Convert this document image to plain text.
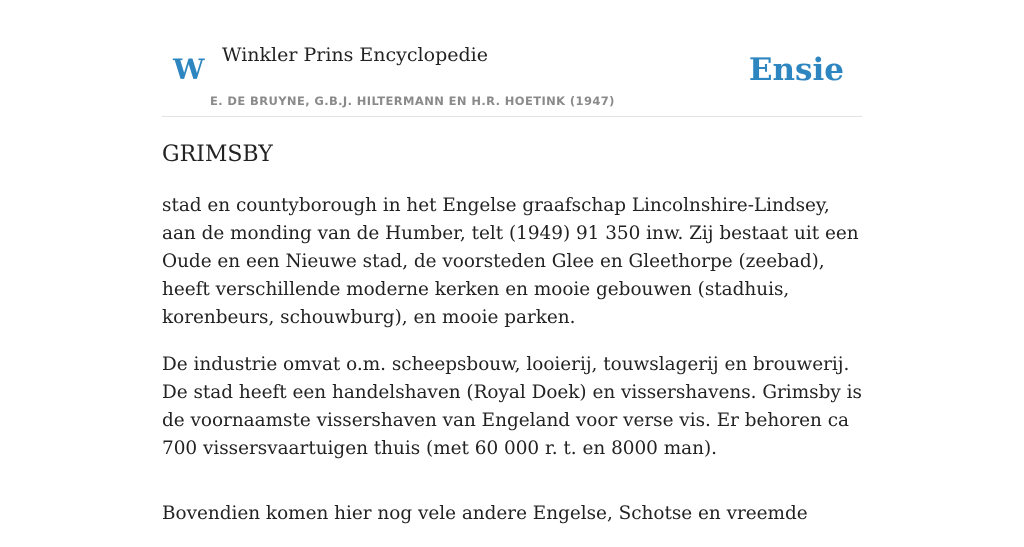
W Winkler Prins Encyclopedie
E. DE BRUYNE, G.B.J. HILTERMANN EN H.R. HOETINK (1947)
Ensie
GRIMSBY

stad en countyborough in het Engelse graafschap Lincolnshire-Lindsey, aan de monding van de Humber, telt (1949) 91 350 inw. Zij bestaat uit een Oude en een Nieuwe stad, de voorsteden Glee en Gleethorpe (zeebad), heeft verschillende moderne kerken en mooie gebouwen (stadhuis, korenbeurs, schouwburg), en mooie parken.

De industrie omvat o.m. scheepsbouw, looierij, touwslagerij en brouwerij. De stad heeft een handelshaven (Royal Doek) en vissershavens. Grimsby is de voornaamste vissershaven van Engeland voor verse vis. Er behoren ca 700 vissersvaartuigen thuis (met 60 000 r. t. en 8000 man).

Bovendien komen hier nog vele andere Engelse, Schotse en vreemde
